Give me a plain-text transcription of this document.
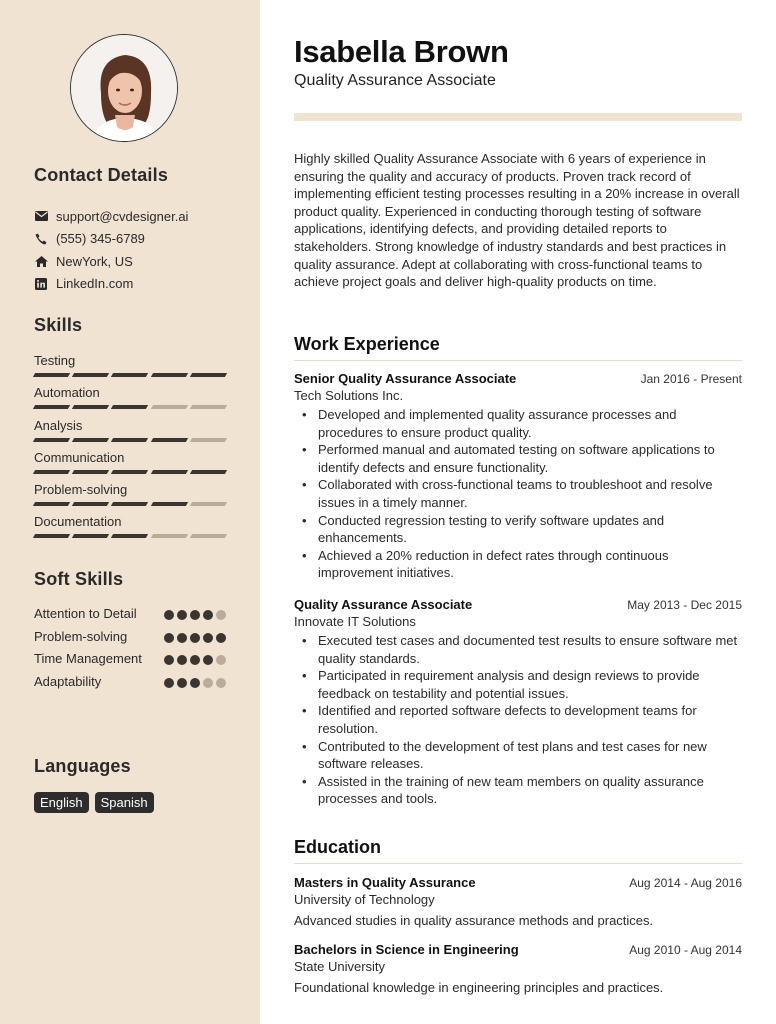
Contact Details
support@cvdesigner.ai
(555) 345-6789
NewYork, US
LinkedIn.com
Skills
Testing
Automation
Analysis
Communication
Problem-solving
Documentation
Soft Skills
Attention to Detail
Problem-solving
Time Management
Adaptability
Languages
English	Spanish
Isabella Brown
Quality Assurance Associate
Highly skilled Quality Assurance Associate with 6 years of experience in ensuring the quality and accuracy of products. Proven track record of implementing efficient testing processes resulting in a 20% increase in overall product quality. Experienced in conducting thorough testing of software applications, identifying defects, and providing detailed reports to stakeholders. Strong knowledge of industry standards and best practices in quality assurance. Adept at collaborating with cross-functional teams to achieve project goals and deliver high-quality products on time.
Work Experience
Senior Quality Assurance Associate	Jan 2016 - Present
Tech Solutions Inc.
• Developed and implemented quality assurance processes and procedures to ensure product quality.
• Performed manual and automated testing on software applications to identify defects and ensure functionality.
• Collaborated with cross-functional teams to troubleshoot and resolve issues in a timely manner.
• Conducted regression testing to verify software updates and enhancements.
• Achieved a 20% reduction in defect rates through continuous improvement initiatives.
Quality Assurance Associate	May 2013 - Dec 2015
Innovate IT Solutions
• Executed test cases and documented test results to ensure software met quality standards.
• Participated in requirement analysis and design reviews to provide feedback on testability and potential issues.
• Identified and reported software defects to development teams for resolution.
• Contributed to the development of test plans and test cases for new software releases.
• Assisted in the training of new team members on quality assurance processes and tools.
Education
Masters in Quality Assurance	Aug 2014 - Aug 2016
University of Technology
Advanced studies in quality assurance methods and practices.
Bachelors in Science in Engineering	Aug 2010 - Aug 2014
State University
Foundational knowledge in engineering principles and practices.
